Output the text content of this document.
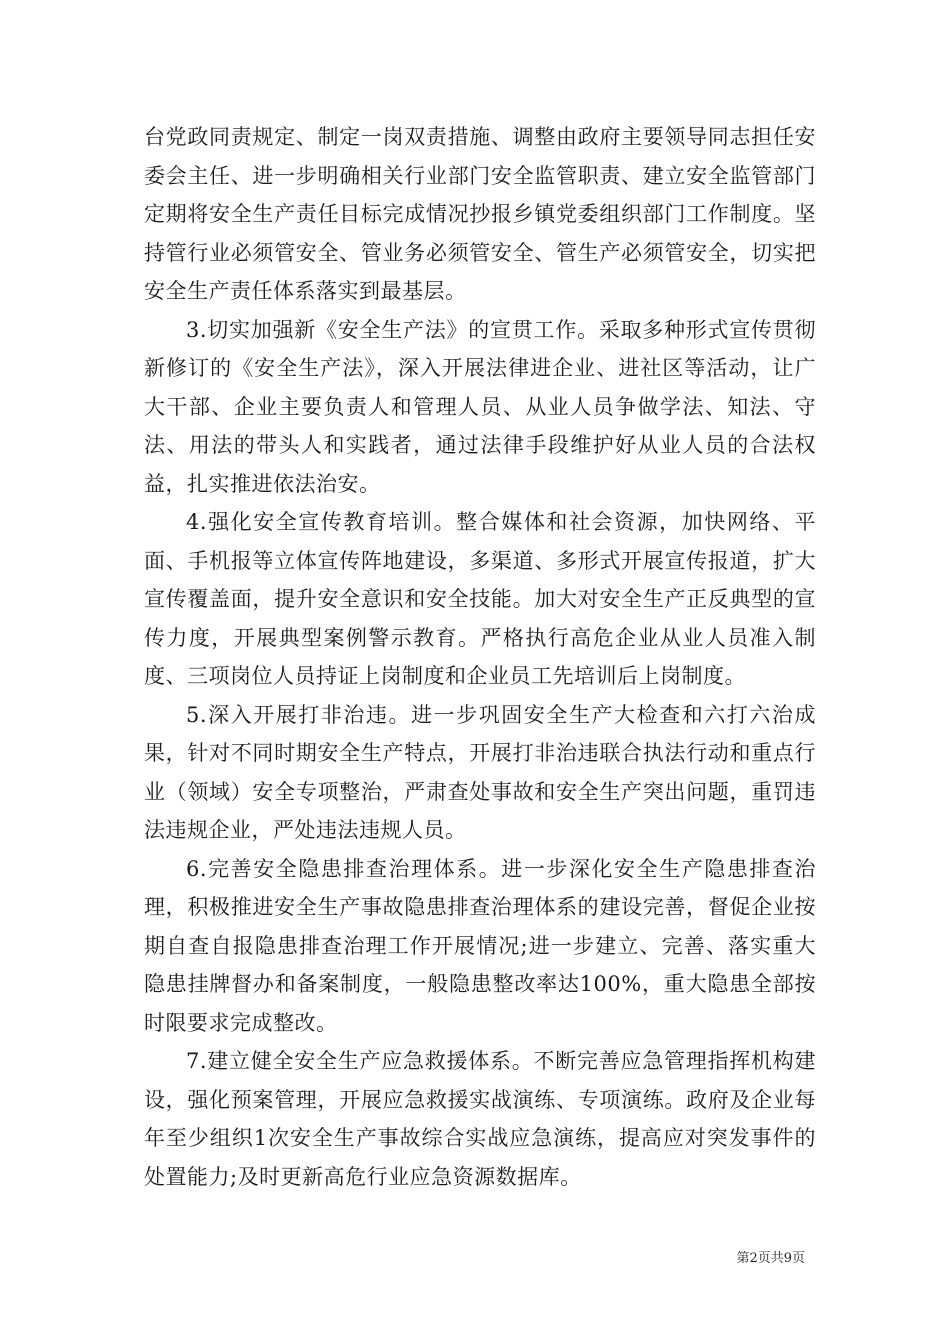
台党政同责规定、制定一岗双责措施、调整由政府主要领导同志担任安委会主任、进一步明确相关行业部门安全监管职责、建立安全监管部门定期将安全生产责任目标完成情况抄报乡镇党委组织部门工作制度。坚持管行业必须管安全、管业务必须管安全、管生产必须管安全，切实把安全生产责任体系落实到最基层。

3.切实加强新《安全生产法》的宣贯工作。采取多种形式宣传贯彻新修订的《安全生产法》，深入开展法律进企业、进社区等活动，让广大干部、企业主要负责人和管理人员、从业人员争做学法、知法、守法、用法的带头人和实践者，通过法律手段维护好从业人员的合法权益，扎实推进依法治安。

4.强化安全宣传教育培训。整合媒体和社会资源，加快网络、平面、手机报等立体宣传阵地建设，多渠道、多形式开展宣传报道，扩大宣传覆盖面，提升安全意识和安全技能。加大对安全生产正反典型的宣传力度，开展典型案例警示教育。严格执行高危企业从业人员准入制度、三项岗位人员持证上岗制度和企业员工先培训后上岗制度。

5.深入开展打非治违。进一步巩固安全生产大检查和六打六治成果，针对不同时期安全生产特点，开展打非治违联合执法行动和重点行业（领域）安全专项整治，严肃查处事故和安全生产突出问题，重罚违法违规企业，严处违法违规人员。

6.完善安全隐患排查治理体系。进一步深化安全生产隐患排查治理，积极推进安全生产事故隐患排查治理体系的建设完善，督促企业按期自查自报隐患排查治理工作开展情况;进一步建立、完善、落实重大隐患挂牌督办和备案制度，一般隐患整改率达100%，重大隐患全部按时限要求完成整改。

7.建立健全安全生产应急救援体系。不断完善应急管理指挥机构建设，强化预案管理，开展应急救援实战演练、专项演练。政府及企业每年至少组织1次安全生产事故综合实战应急演练，提高应对突发事件的处置能力;及时更新高危行业应急资源数据库。

第2页共9页
